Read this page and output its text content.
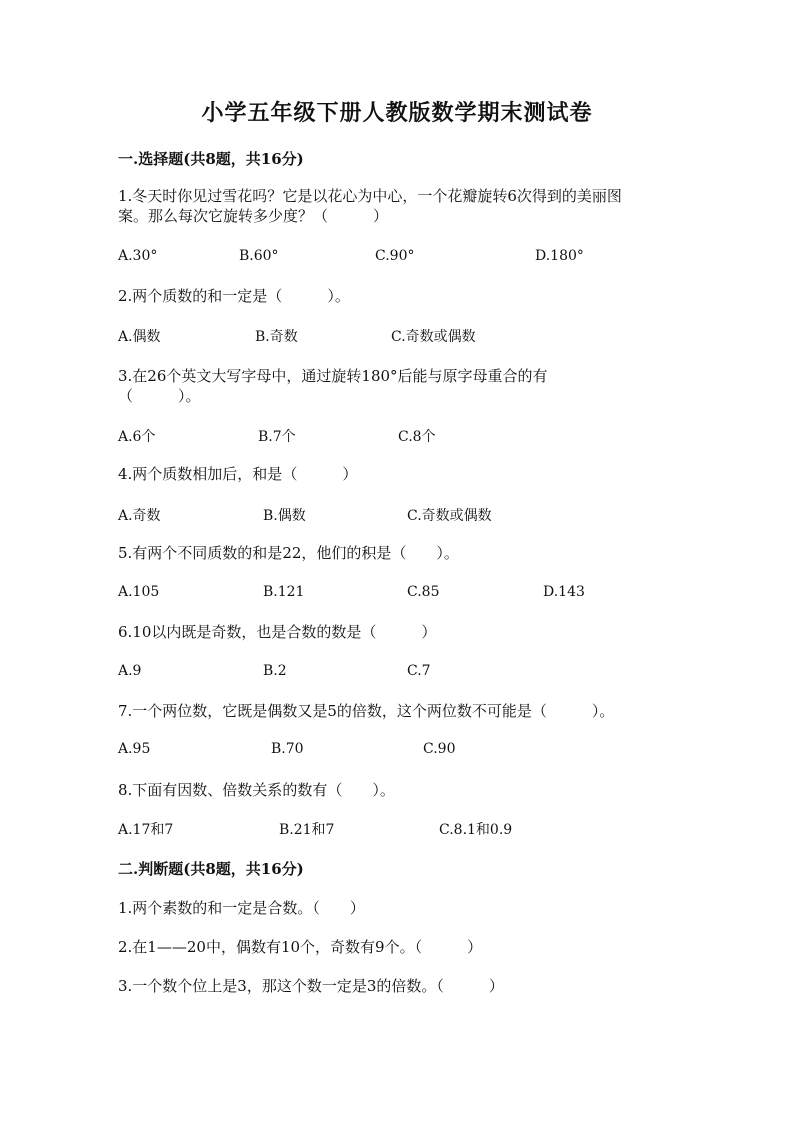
小学五年级下册人教版数学期末测试卷
一.选择题(共8题，共16分)
1.冬天时你见过雪花吗？它是以花心为中心，一个花瓣旋转6次得到的美丽图
案。那么每次它旋转多少度？（　　　）
A.30°	B.60°	C.90°	D.180°
2.两个质数的和一定是（　　　）。
A.偶数	B.奇数	C.奇数或偶数
3.在26个英文大写字母中，通过旋转180°后能与原字母重合的有
（　　　）。
A.6个	B.7个	C.8个
4.两个质数相加后，和是（　　　）
A.奇数	B.偶数	C.奇数或偶数
5.有两个不同质数的和是22，他们的积是（　　）。
A.105	B.121	C.85	D.143
6.10以内既是奇数，也是合数的数是（　　　）
A.9	B.2	C.7
7.一个两位数，它既是偶数又是5的倍数，这个两位数不可能是（　　　）。
A.95	B.70	C.90
8.下面有因数、倍数关系的数有（　　）。
A.17和7	B.21和7	C.8.1和0.9
二.判断题(共8题，共16分)
1.两个素数的和一定是合数。（　　）
2.在1——20中，偶数有10个，奇数有9个。（　　　）
3.一个数个位上是3，那这个数一定是3的倍数。（　　　）
